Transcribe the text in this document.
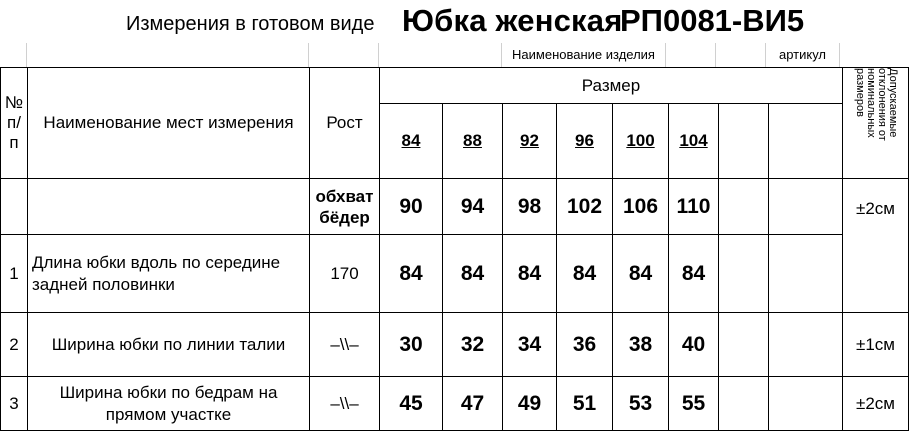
Измерения в готовом виде Юбка женская
РП0081-ВИ5
Наименование изделия	артикул
№ п/ п	Наименование мест измерения	Рост	Размер								Допускаемые отклонения от номинальных размеров

			84	88	92	96	100	104			
		обхват бёдер	90	94	98	102	106	110			±2см
1	Длина юбки вдоль по середине задней половинки	170	84	84	84	84	84	84			
2	Ширина юбки по линии талии	–\\–	30	32	34	36	38	40			±1см
3	Ширина юбки по бедрам на прямом участке	–\\–	45	47	49	51	53	55			±2см
